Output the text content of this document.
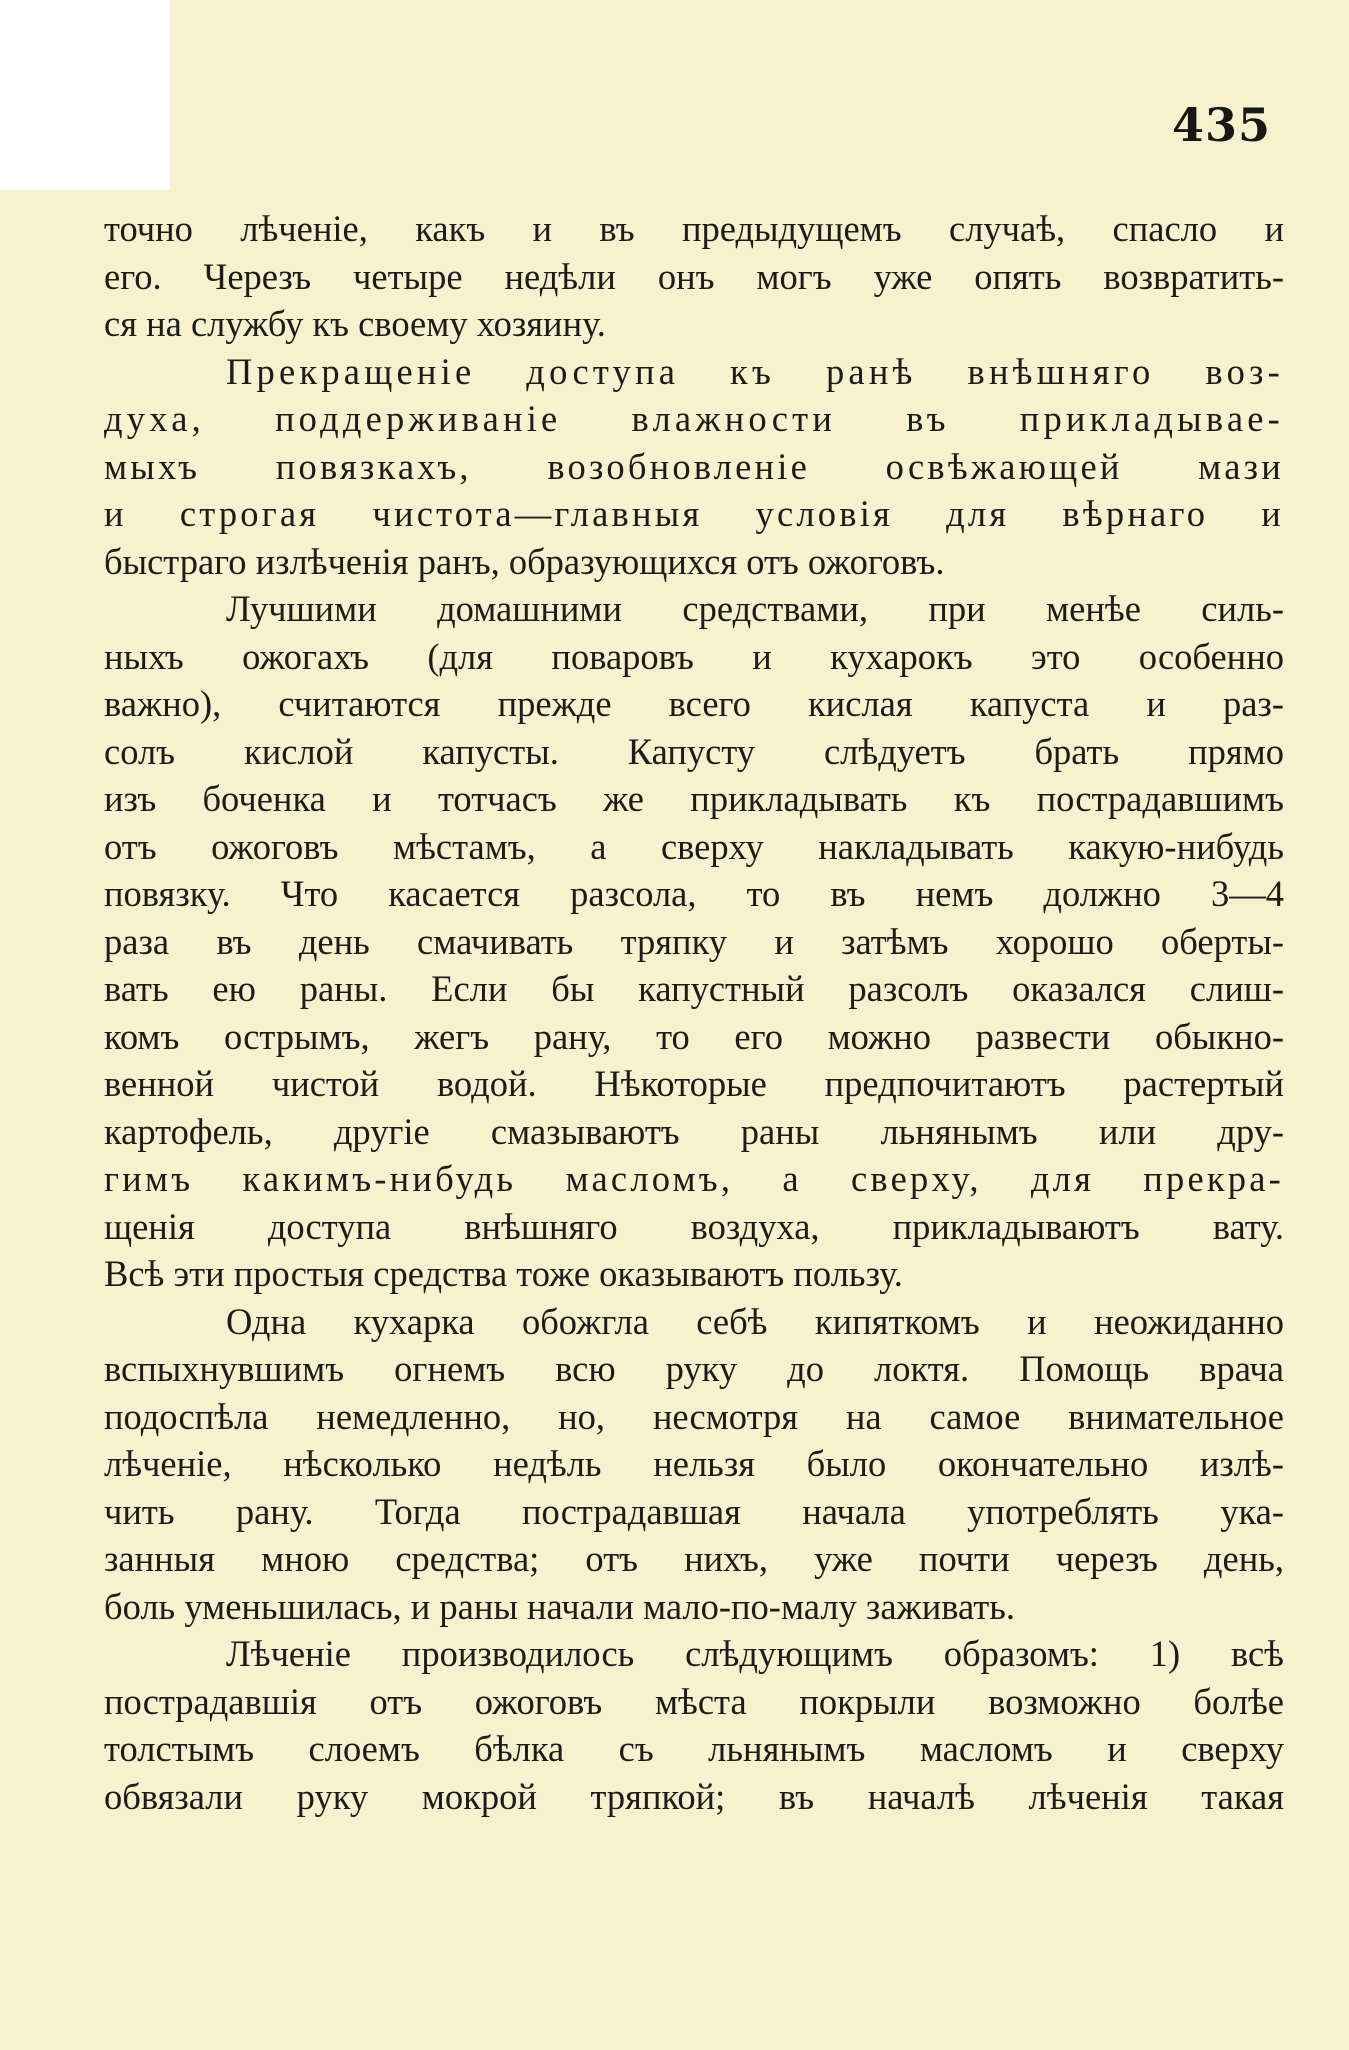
435
точно лѣченіе, какъ и въ предыдущемъ случаѣ, спасло и
его. Черезъ четыре недѣли онъ могъ уже опять возвратить-
ся на службу къ своему хозяину.
Прекращеніе доступа къ ранѣ внѣшняго воз-
духа, поддерживаніе влажности въ прикладывае-
мыхъ повязкахъ, возобновленіе освѣжающей мази
и строгая чистота—главныя условія для вѣрнаго и
быстраго излѣченія ранъ, образующихся отъ ожоговъ.
Лучшими домашними средствами, при менѣе силь-
ныхъ ожогахъ (для поваровъ и кухарокъ это особенно
важно), считаются прежде всего кислая капуста и раз-
солъ кислой капусты. Капусту слѣдуетъ брать прямо
изъ боченка и тотчасъ же прикладывать къ пострадавшимъ
отъ ожоговъ мѣстамъ, а сверху накладывать какую-нибудь
повязку. Что касается разсола, то въ немъ должно 3—4
раза въ день смачивать тряпку и затѣмъ хорошо оберты-
вать ею раны. Если бы капустный разсолъ оказался слиш-
комъ острымъ, жегъ рану, то его можно развести обыкно-
венной чистой водой. Нѣкоторые предпочитаютъ растертый
картофель, другіе смазываютъ раны льнянымъ или дру-
гимъ какимъ-нибудь масломъ, а сверху, для прекра-
щенія доступа внѣшняго воздуха, прикладываютъ вату.
Всѣ эти простыя средства тоже оказываютъ пользу.
Одна кухарка обожгла себѣ кипяткомъ и неожиданно
вспыхнувшимъ огнемъ всю руку до локтя. Помощь врача
подоспѣла немедленно, но, несмотря на самое внимательное
лѣченіе, нѣсколько недѣль нельзя было окончательно излѣ-
чить рану. Тогда пострадавшая начала употреблять ука-
занныя мною средства; отъ нихъ, уже почти черезъ день,
боль уменьшилась, и раны начали мало-по-малу заживать.
Лѣченіе производилось слѣдующимъ образомъ: 1) всѣ
пострадавшія отъ ожоговъ мѣста покрыли возможно болѣе
толстымъ слоемъ бѣлка съ льнянымъ масломъ и сверху
обвязали руку мокрой тряпкой; въ началѣ лѣченія такая
